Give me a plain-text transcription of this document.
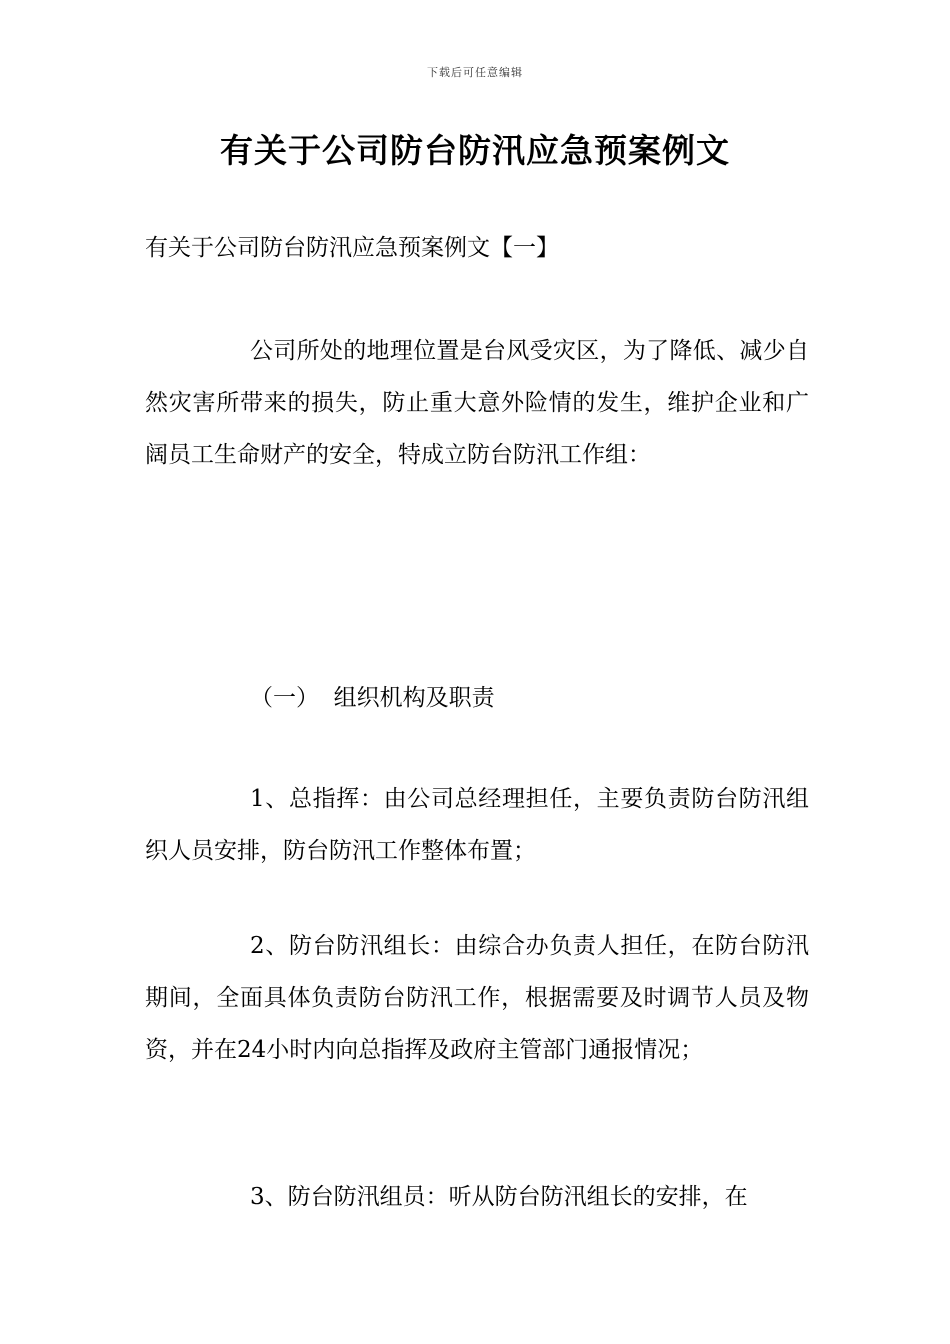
下载后可任意编辑
有关于公司防台防汛应急预案例文

有关于公司防台防汛应急预案例文【一】

公司所处的地理位置是台风受灾区，为了降低、减少自然灾害所带来的损失，防止重大意外险情的发生，维护企业和广阔员工生命财产的安全，特成立防台防汛工作组：

（一）  组织机构及职责

1、总指挥：由公司总经理担任，主要负责防台防汛组织人员安排，防台防汛工作整体布置；

2、防台防汛组长：由综合办负责人担任，在防台防汛期间，全面具体负责防台防汛工作，根据需要及时调节人员及物资，并在24小时内向总指挥及政府主管部门通报情况；

3、防台防汛组员：听从防台防汛组长的安排，在
